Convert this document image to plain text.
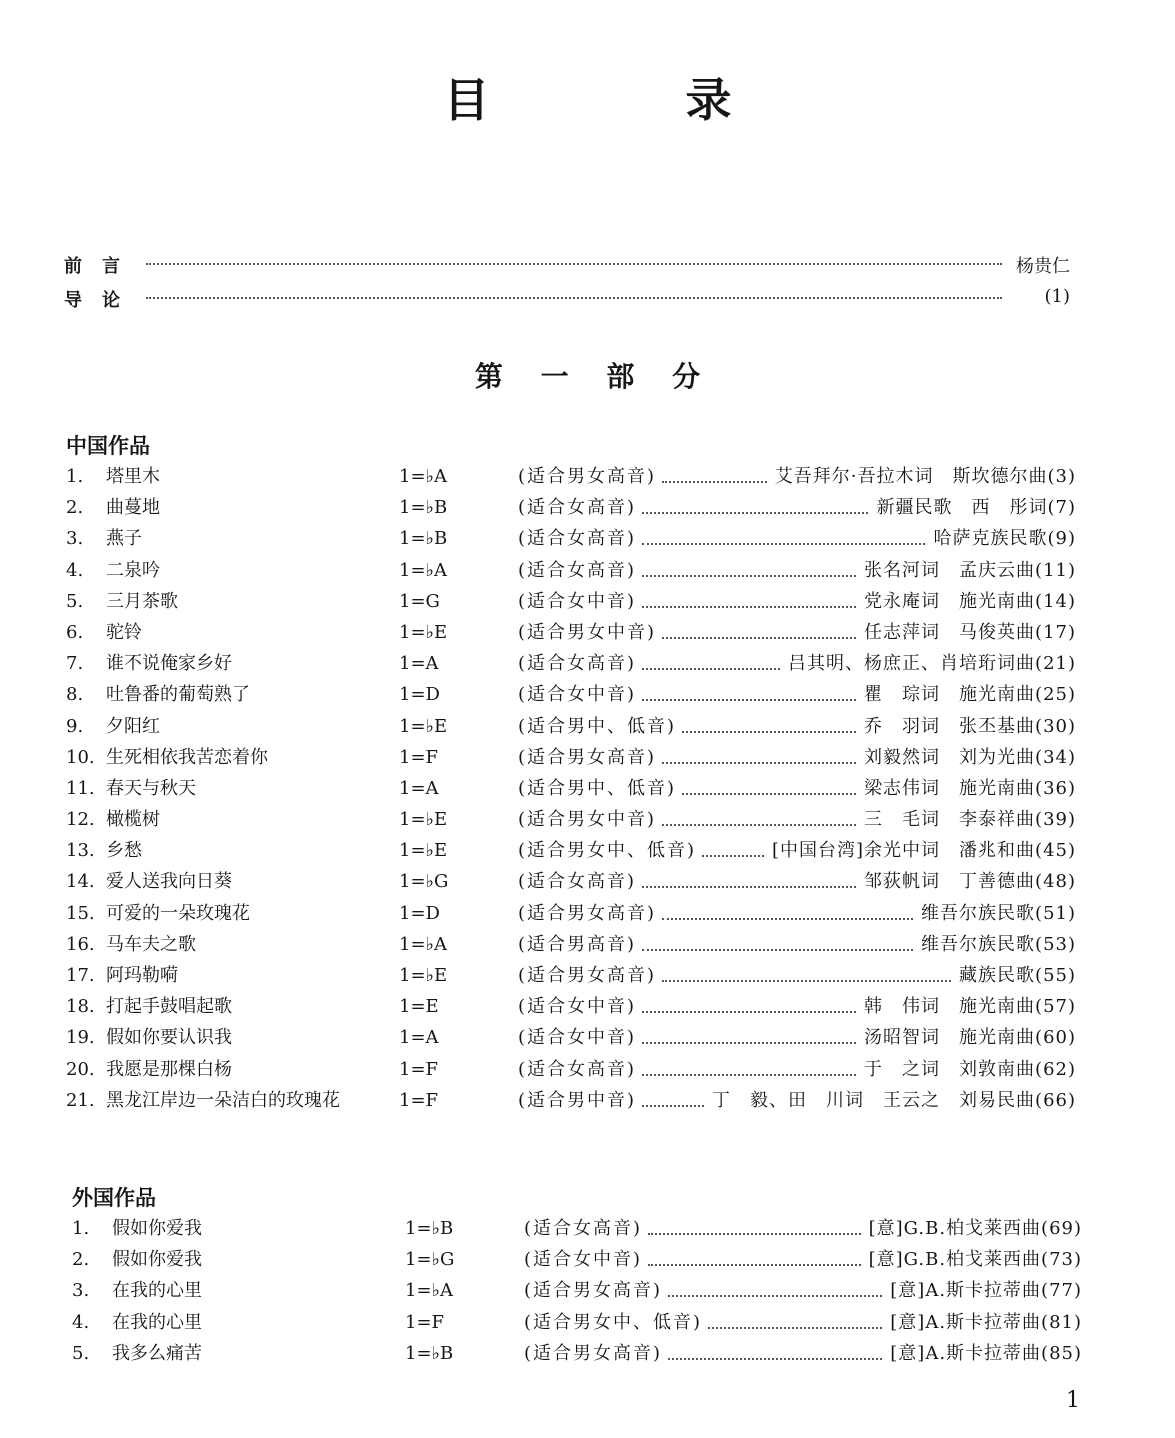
目 录
前言	杨贵仁
导论	(1)
第 一 部 分
中国作品
1. 塔里木	1=♭A	(适合男女高音)	艾吾拜尔·吾拉木词　斯坎德尔曲(3)
2. 曲蔓地	1=♭B	(适合女高音)	新疆民歌　西　彤词(7)
3. 燕子	1=♭B	(适合女高音)	哈萨克族民歌(9)
4. 二泉吟	1=♭A	(适合女高音)	张名河词　孟庆云曲(11)
5. 三月茶歌	1=G	(适合女中音)	党永庵词　施光南曲(14)
6. 驼铃	1=♭E	(适合男女中音)	任志萍词　马俊英曲(17)
7. 谁不说俺家乡好	1=A	(适合女高音)	吕其明、杨庶正、肖培珩词曲(21)
8. 吐鲁番的葡萄熟了	1=D	(适合女中音)	瞿　琮词　施光南曲(25)
9. 夕阳红	1=♭E	(适合男中、低音)	乔　羽词　张丕基曲(30)
10. 生死相依我苦恋着你	1=F	(适合男女高音)	刘毅然词　刘为光曲(34)
11. 春天与秋天	1=A	(适合男中、低音)	梁志伟词　施光南曲(36)
12. 橄榄树	1=♭E	(适合男女中音)	三　毛词　李泰祥曲(39)
13. 乡愁	1=♭E	(适合男女中、低音)	[中国台湾]余光中词　潘兆和曲(45)
14. 爱人送我向日葵	1=♭G	(适合女高音)	邹荻帆词　丁善德曲(48)
15. 可爱的一朵玫瑰花	1=D	(适合男女高音)	维吾尔族民歌(51)
16. 马车夫之歌	1=♭A	(适合男高音)	维吾尔族民歌(53)
17. 阿玛勒嗬	1=♭E	(适合男女高音)	藏族民歌(55)
18. 打起手鼓唱起歌	1=E	(适合女中音)	韩　伟词　施光南曲(57)
19. 假如你要认识我	1=A	(适合女中音)	汤昭智词　施光南曲(60)
20. 我愿是那棵白杨	1=F	(适合女高音)	于　之词　刘敦南曲(62)
21. 黑龙江岸边一朵洁白的玫瑰花	1=F	(适合男中音)	丁　毅、田　川词　王云之　刘易民曲(66)
外国作品
1. 假如你爱我	1=♭B	(适合女高音)	[意]G.B.柏戈莱西曲(69)
2. 假如你爱我	1=♭G	(适合女中音)	[意]G.B.柏戈莱西曲(73)
3. 在我的心里	1=♭A	(适合男女高音)	[意]A.斯卡拉蒂曲(77)
4. 在我的心里	1=F	(适合男女中、低音)	[意]A.斯卡拉蒂曲(81)
5. 我多么痛苦	1=♭B	(适合男女高音)	[意]A.斯卡拉蒂曲(85)
1
